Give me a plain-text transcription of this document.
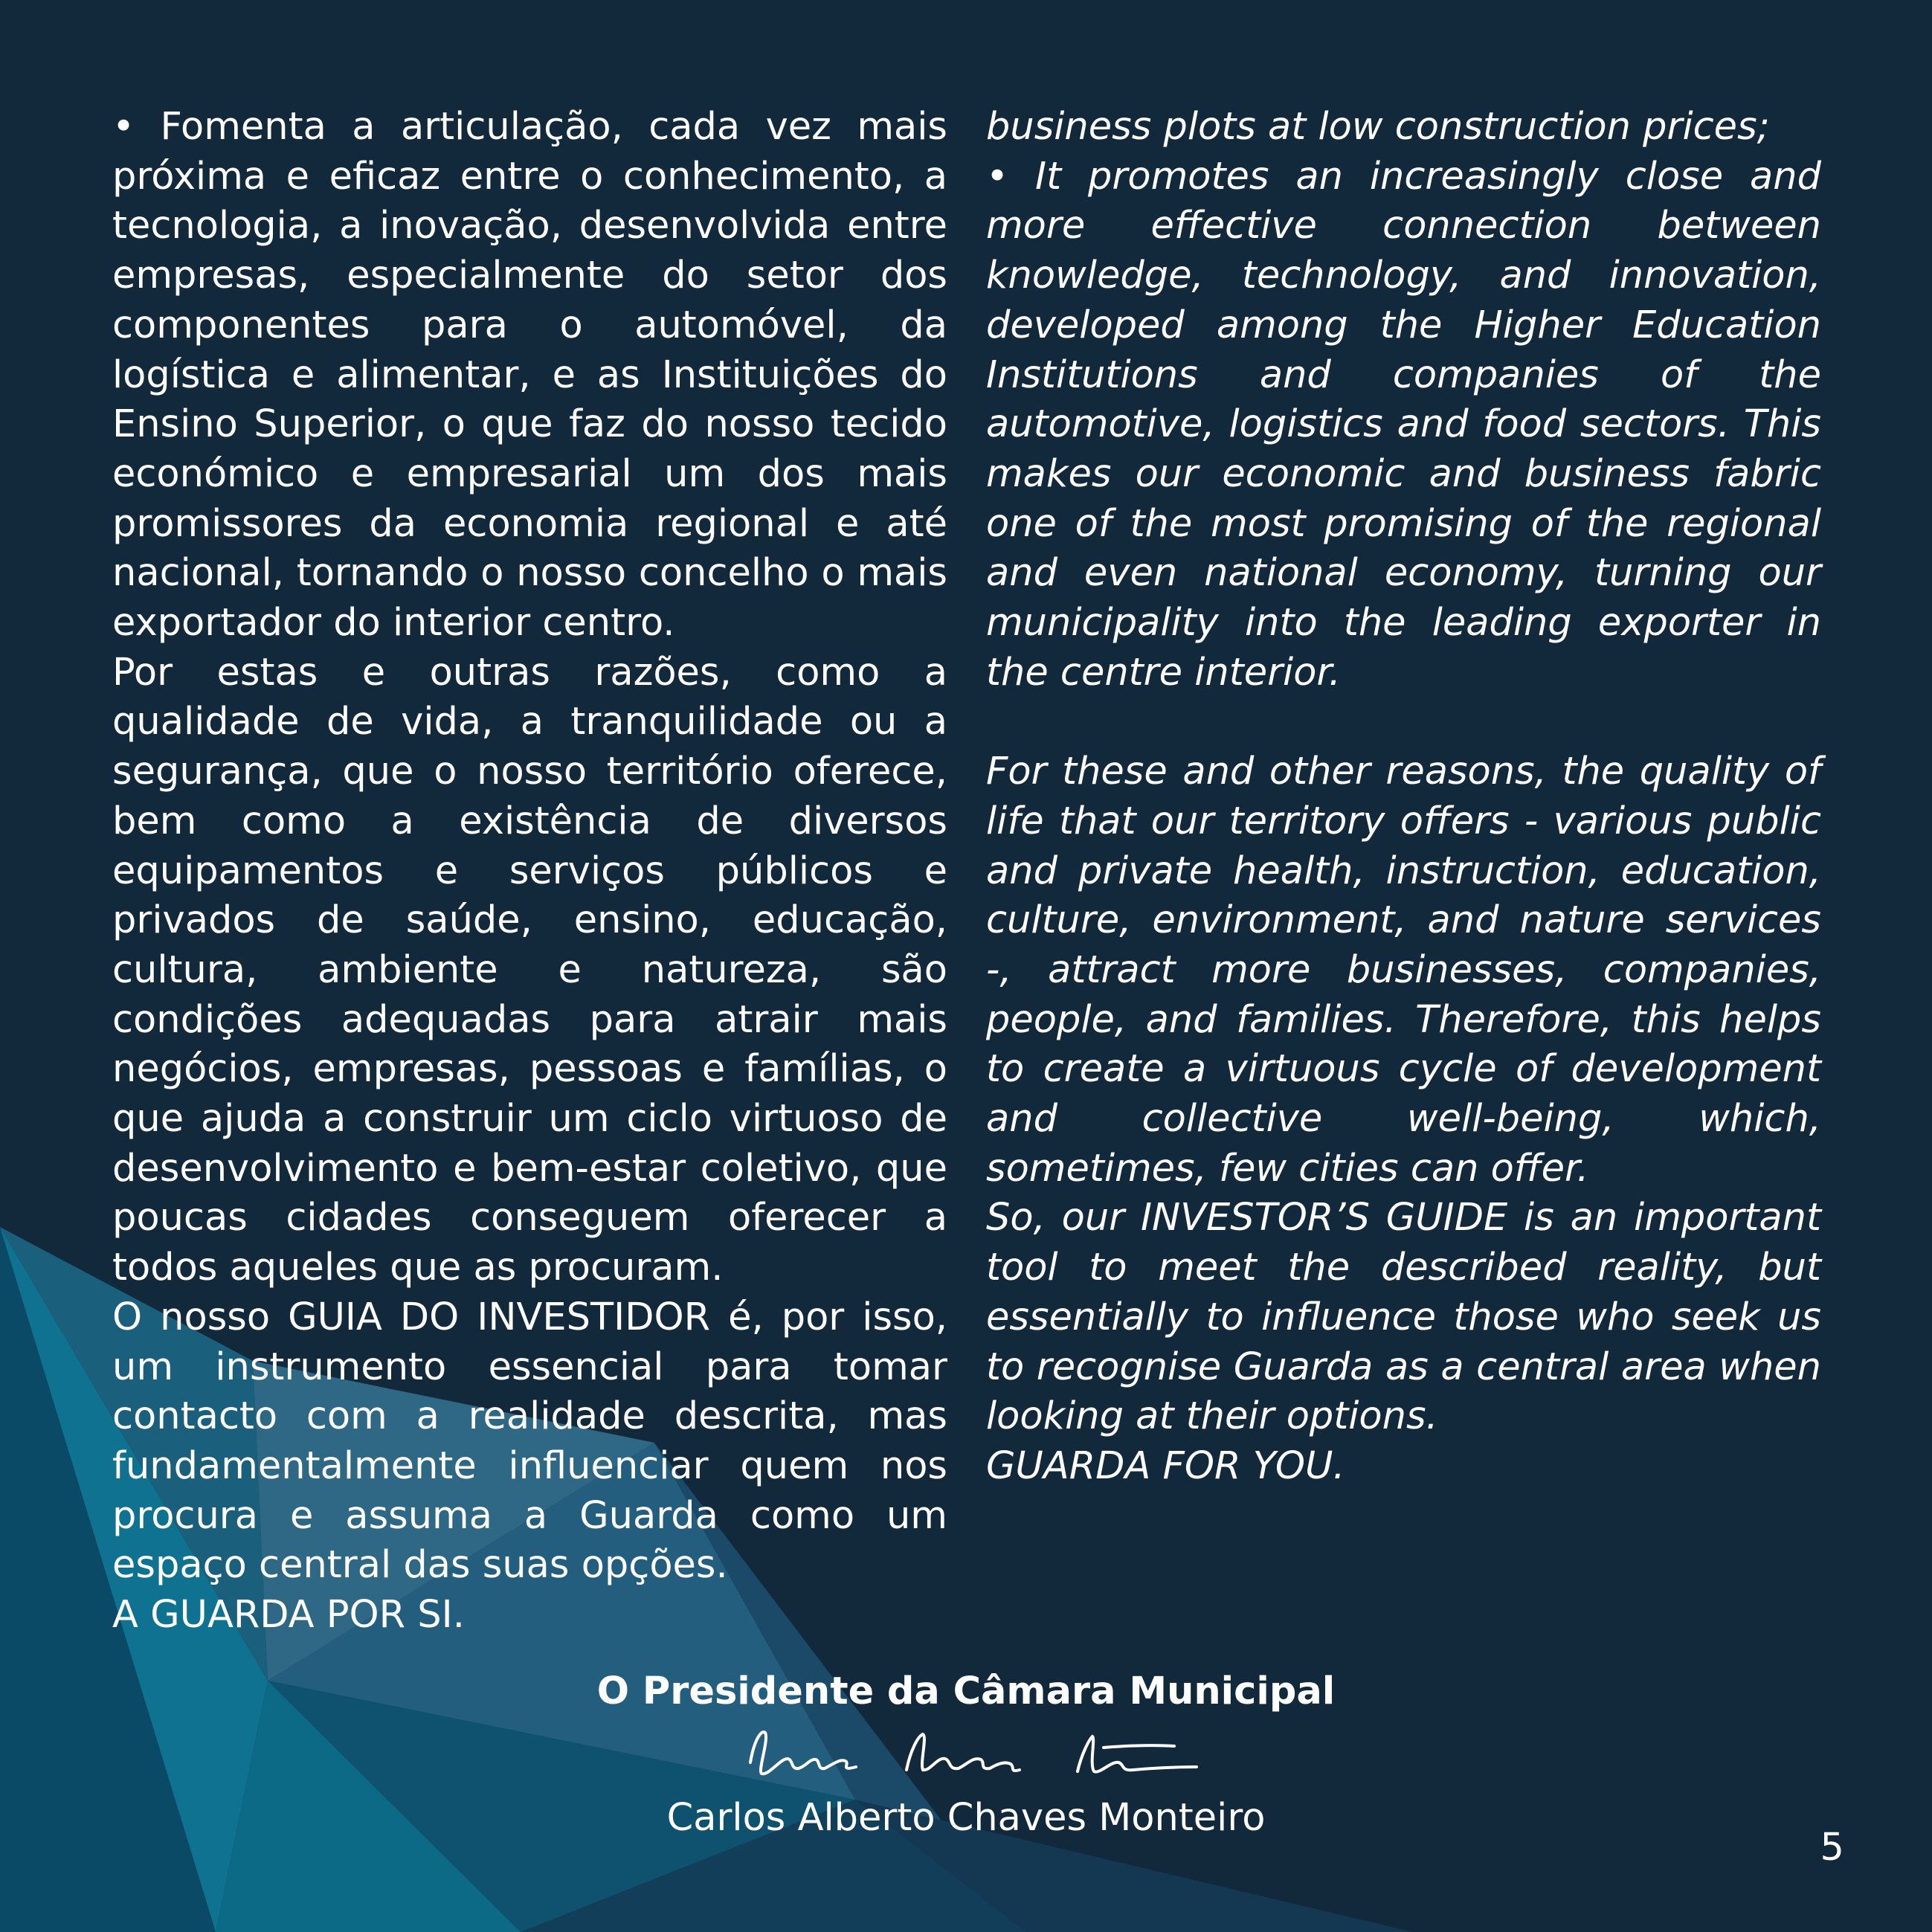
• Fomenta a articulação, cada vez mais próxima e eficaz entre o conhecimento, a tecnologia, a inovação, desenvolvida entre empresas, especialmente do setor dos componentes para o automóvel, da logística e alimentar, e as Instituições do Ensino Superior, o que faz do nosso tecido económico e empresarial um dos mais promissores da economia regional e até nacional, tornando o nosso concelho o mais exportador do interior centro.

Por estas e outras razões, como a qualidade de vida, a tranquilidade ou a segurança, que o nosso território oferece, bem como a existência de diversos equipamentos e serviços públicos e privados de saúde, ensino, educação, cultura, ambiente e natureza, são condições adequadas para atrair mais negócios, empresas, pessoas e famílias, o que ajuda a construir um ciclo virtuoso de desenvolvimento e bem-estar coletivo, que poucas cidades conseguem oferecer a todos aqueles que as procuram.

O nosso GUIA DO INVESTIDOR é, por isso, um instrumento essencial para tomar contacto com a realidade descrita, mas fundamentalmente influenciar quem nos procura e assuma a Guarda como um espaço central das suas opções.

A GUARDA POR SI.

business plots at low construction prices;

• It promotes an increasingly close and more effective connection between knowledge, technology, and innovation, developed among the Higher Education Institutions and companies of the automotive, logistics and food sectors. This makes our economic and business fabric one of the most promising of the regional and even national economy, turning our municipality into the leading exporter in the centre interior.

For these and other reasons, the quality of life that our territory offers - various public and private health, instruction, education, culture, environment, and nature services -, attract more businesses, companies, people, and families. Therefore, this helps to create a virtuous cycle of development and collective well-being, which, sometimes, few cities can offer.

So, our INVESTOR’S GUIDE is an important tool to meet the described reality, but essentially to influence those who seek us to recognise Guarda as a central area when looking at their options.

GUARDA FOR YOU.

O Presidente da Câmara Municipal

Carlos Alberto Chaves Monteiro

5
